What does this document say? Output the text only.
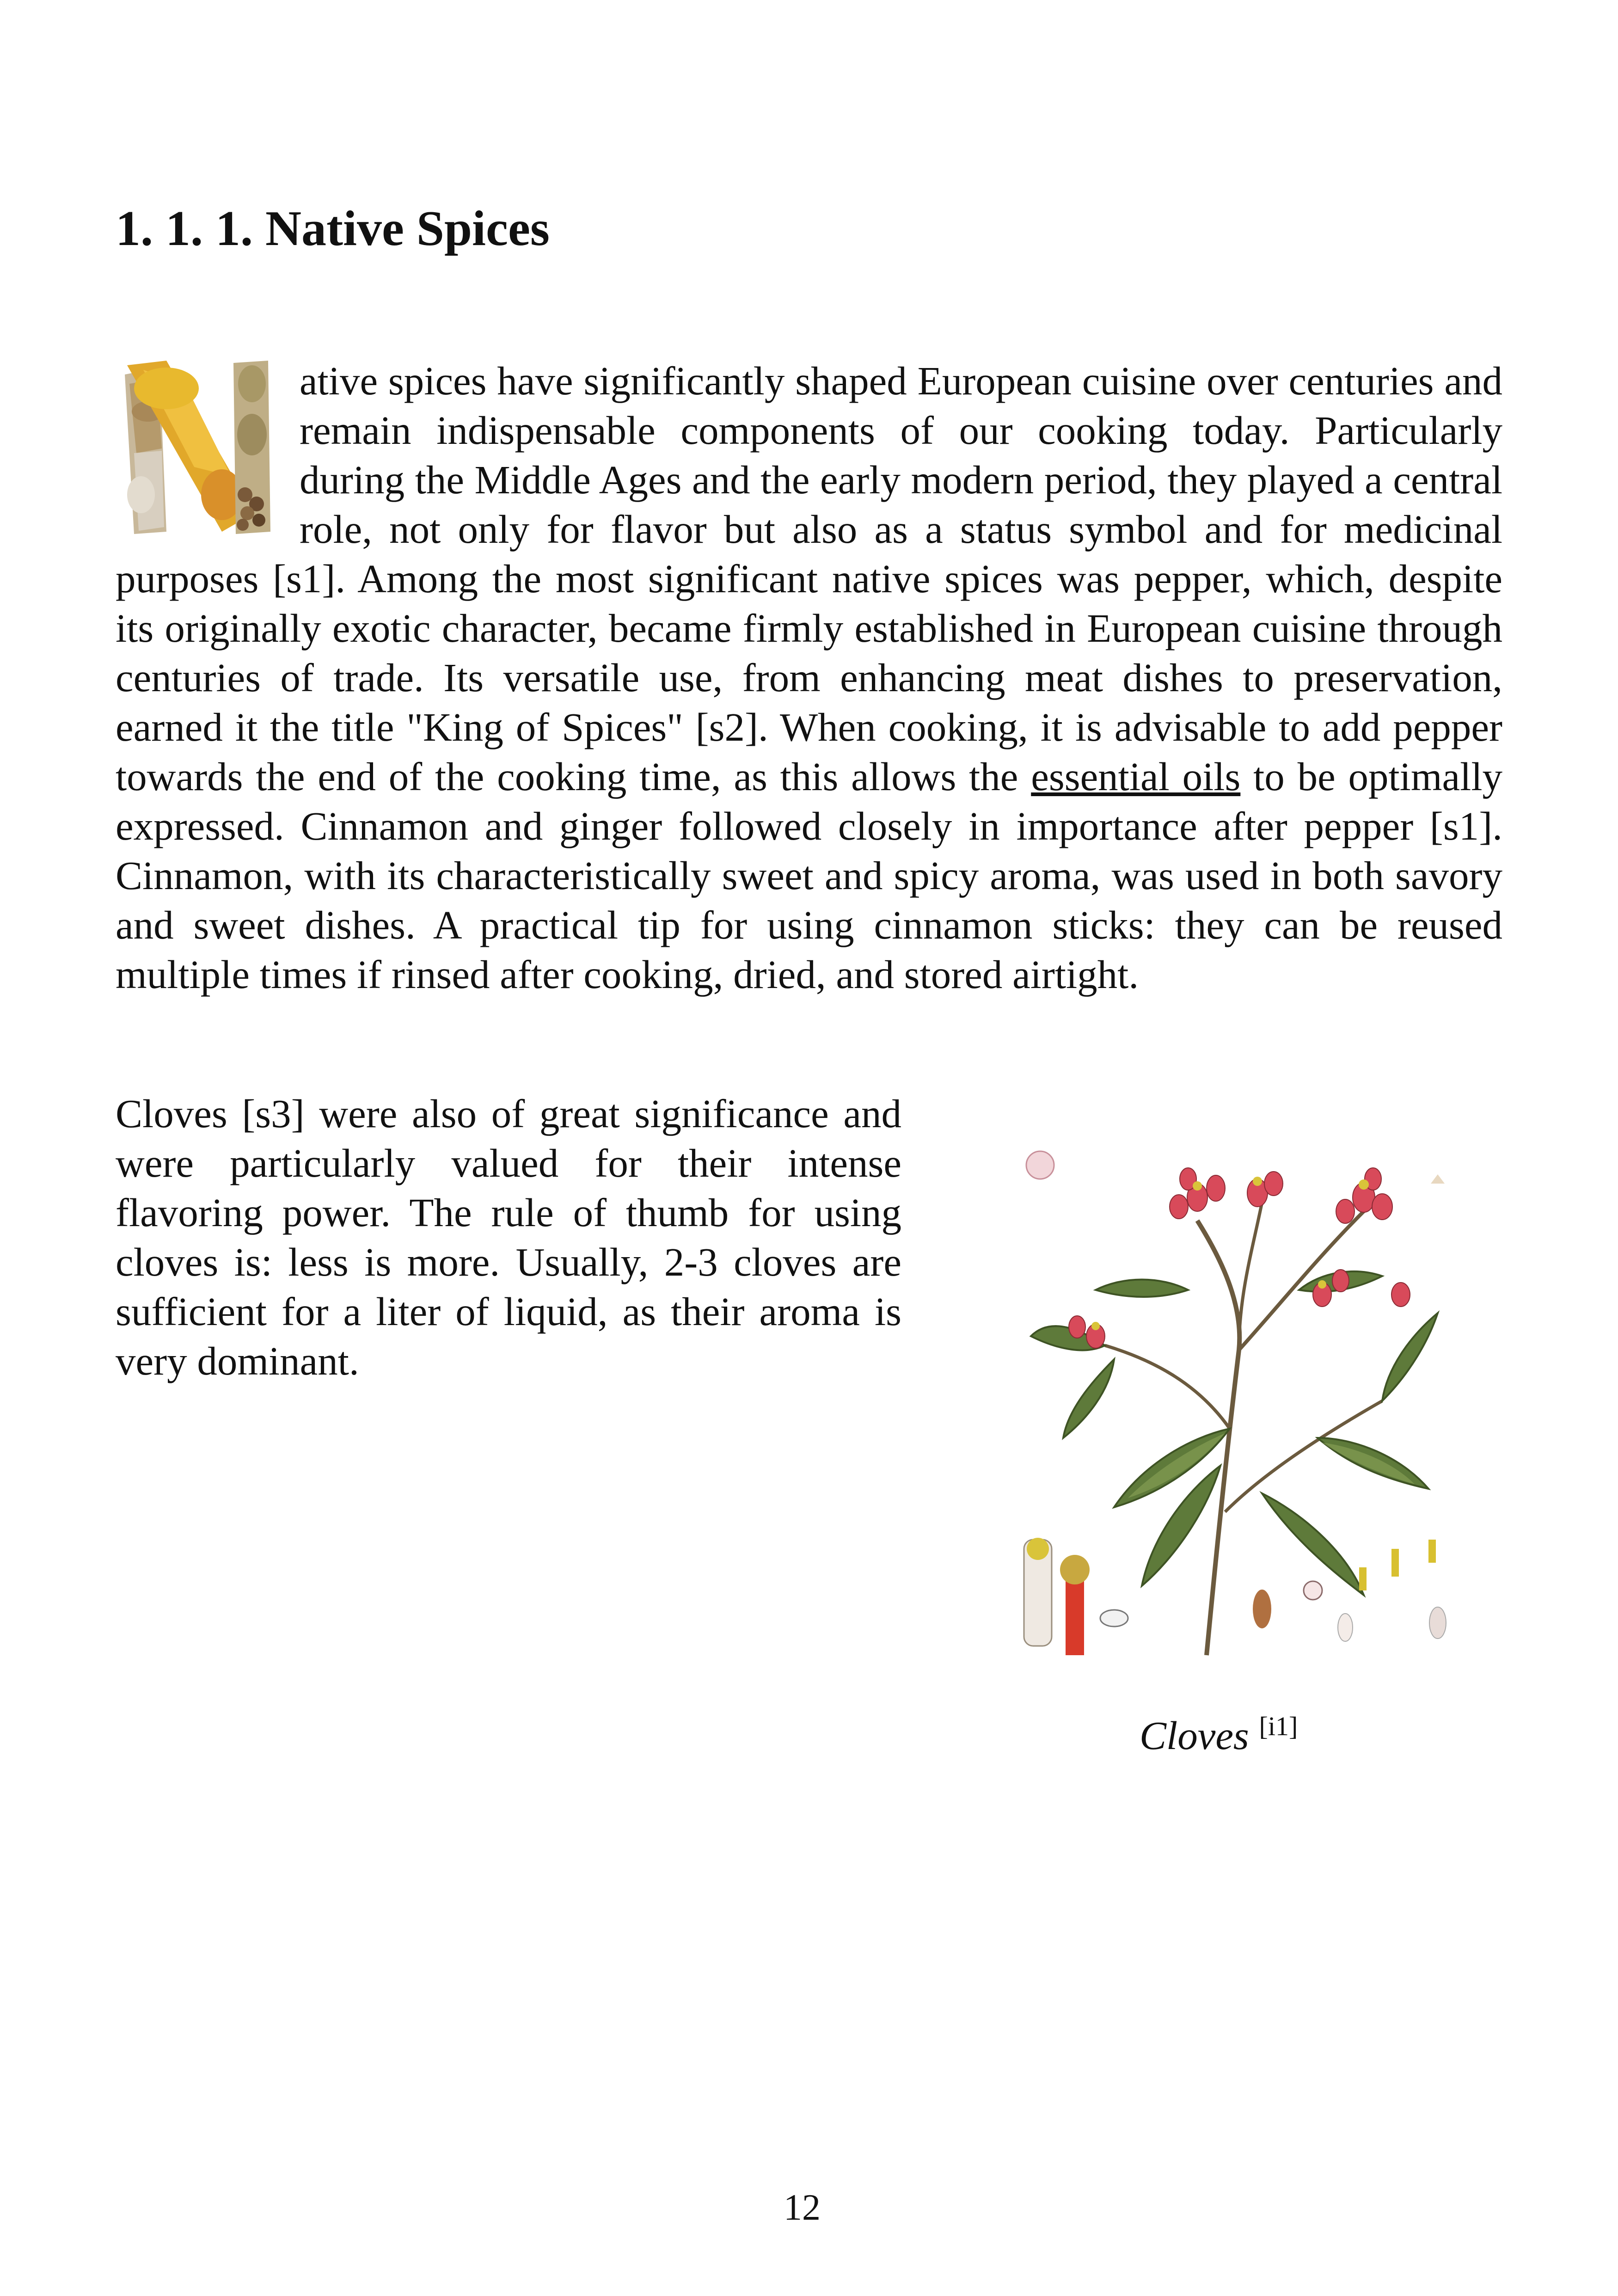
1. 1. 1. Native Spices

ative spices have significantly shaped European cuisine over centuries and remain indispensable components of our cooking today. Particularly during the Middle Ages and the early modern period, they played a central role, not only for flavor but also as a status symbol and for medicinal purposes [s1]. Among the most significant native spices was pepper, which, despite its originally exotic character, became firmly established in European cuisine through centuries of trade. Its versatile use, from enhancing meat dishes to preservation, earned it the title "King of Spices" [s2]. When cooking, it is advisable to add pepper towards the end of the cooking time, as this allows the essential oils to be optimally expressed. Cinnamon and ginger followed closely in importance after pepper [s1]. Cinnamon, with its characteristically sweet and spicy aroma, was used in both savory and sweet dishes. A practical tip for using cinnamon sticks: they can be reused multiple times if rinsed after cooking, dried, and stored airtight.

Cloves [s3] were also of great significance and were particularly valued for their intense flavoring power. The rule of thumb for using cloves is: less is more. Usually, 2-3 cloves are sufficient for a liter of liquid, as their aroma is very dominant.

Cloves [i1]
12
